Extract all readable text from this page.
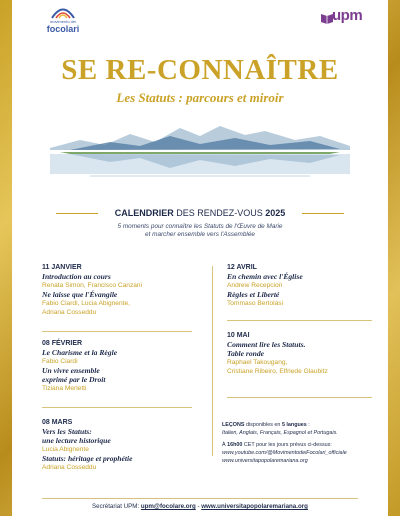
movimento dei
focolari
upm
SE RE-CONNAÎTRE
Les Statuts : parcours et miroir
CALENDRIER DES RENDEZ-VOUS 2025
5 moments pour connaître les Statuts de l'Œuvre de Marie
et marcher ensemble vers l'Assemblée
11 JANVIER
Introduction au cours
Renata Simon, Francisco Canzani
Ne laisse que l'Évangile
Fabio Ciardi, Lucia Abignente,
Adriana Cosseddu
08 FÉVRIER
Le Charisme et la Règle
Fabio Ciardi
Un vivre ensemble
exprimé par le Droit
Tiziana Merletti
08 MARS
Vers les Statuts:
une lecture historique
Lucia Abignente
Statuts: héritage et prophétie
Adriana Cosseddu
12 AVRIL
En chemin avec l'Église
Andrew Recepcion
Règles et Liberté
Tommaso Bertolasi
10 MAI
Comment lire les Statuts.
Table ronde
Raphael Takougang,
Cristiane Ribeiro, Elfriede Glaubitz
LEÇONS disponibles en 5 langues :
Italien, Anglais, Français, Espagnol et Portugais.
À 16h00 CET pour les jours prévus ci-dessus:
www.youtube.com/@MovimentodeiFocolari_officiale
www.universitapopolaremariana.org
Secrétariat UPM: upm@focolare.org - www.universitapopolaremariana.org
